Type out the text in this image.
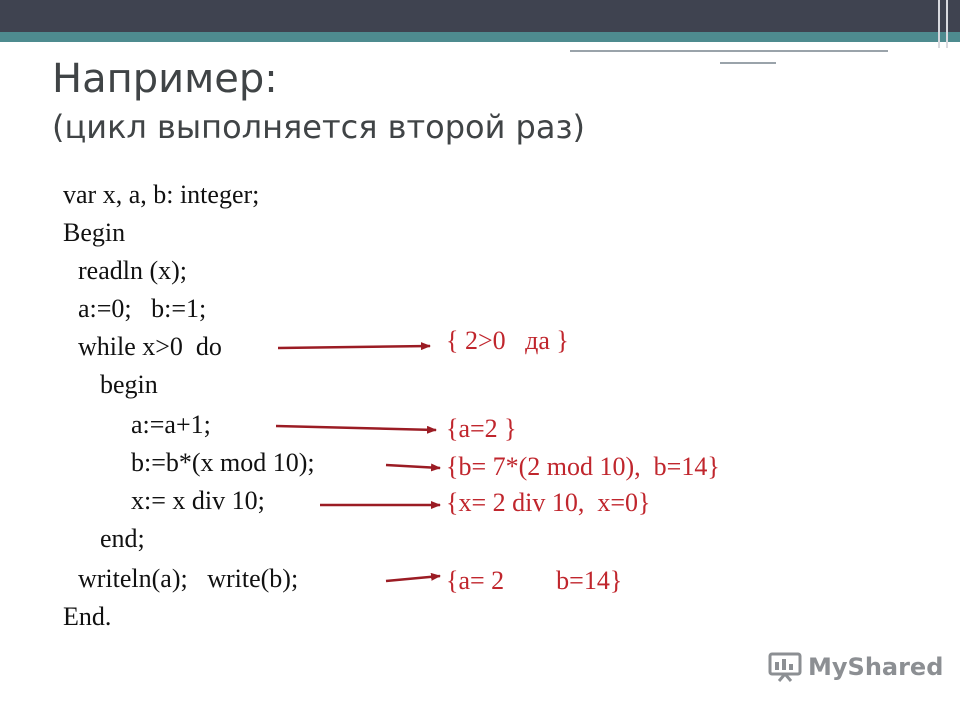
Например:
(цикл выполняется второй раз)
var x, a, b: integer;
Begin
readln (x);
a:=0;   b:=1;
while x>0  do
begin
a:=a+1;
b:=b*(x mod 10);
x:= x div 10;
end;
writeln(a);   write(b);
End.
{ 2>0   да }
{a=2 }
{b= 7*(2 mod 10),  b=14}
{x= 2 div 10,  x=0}
{a= 2        b=14}
MyShared
